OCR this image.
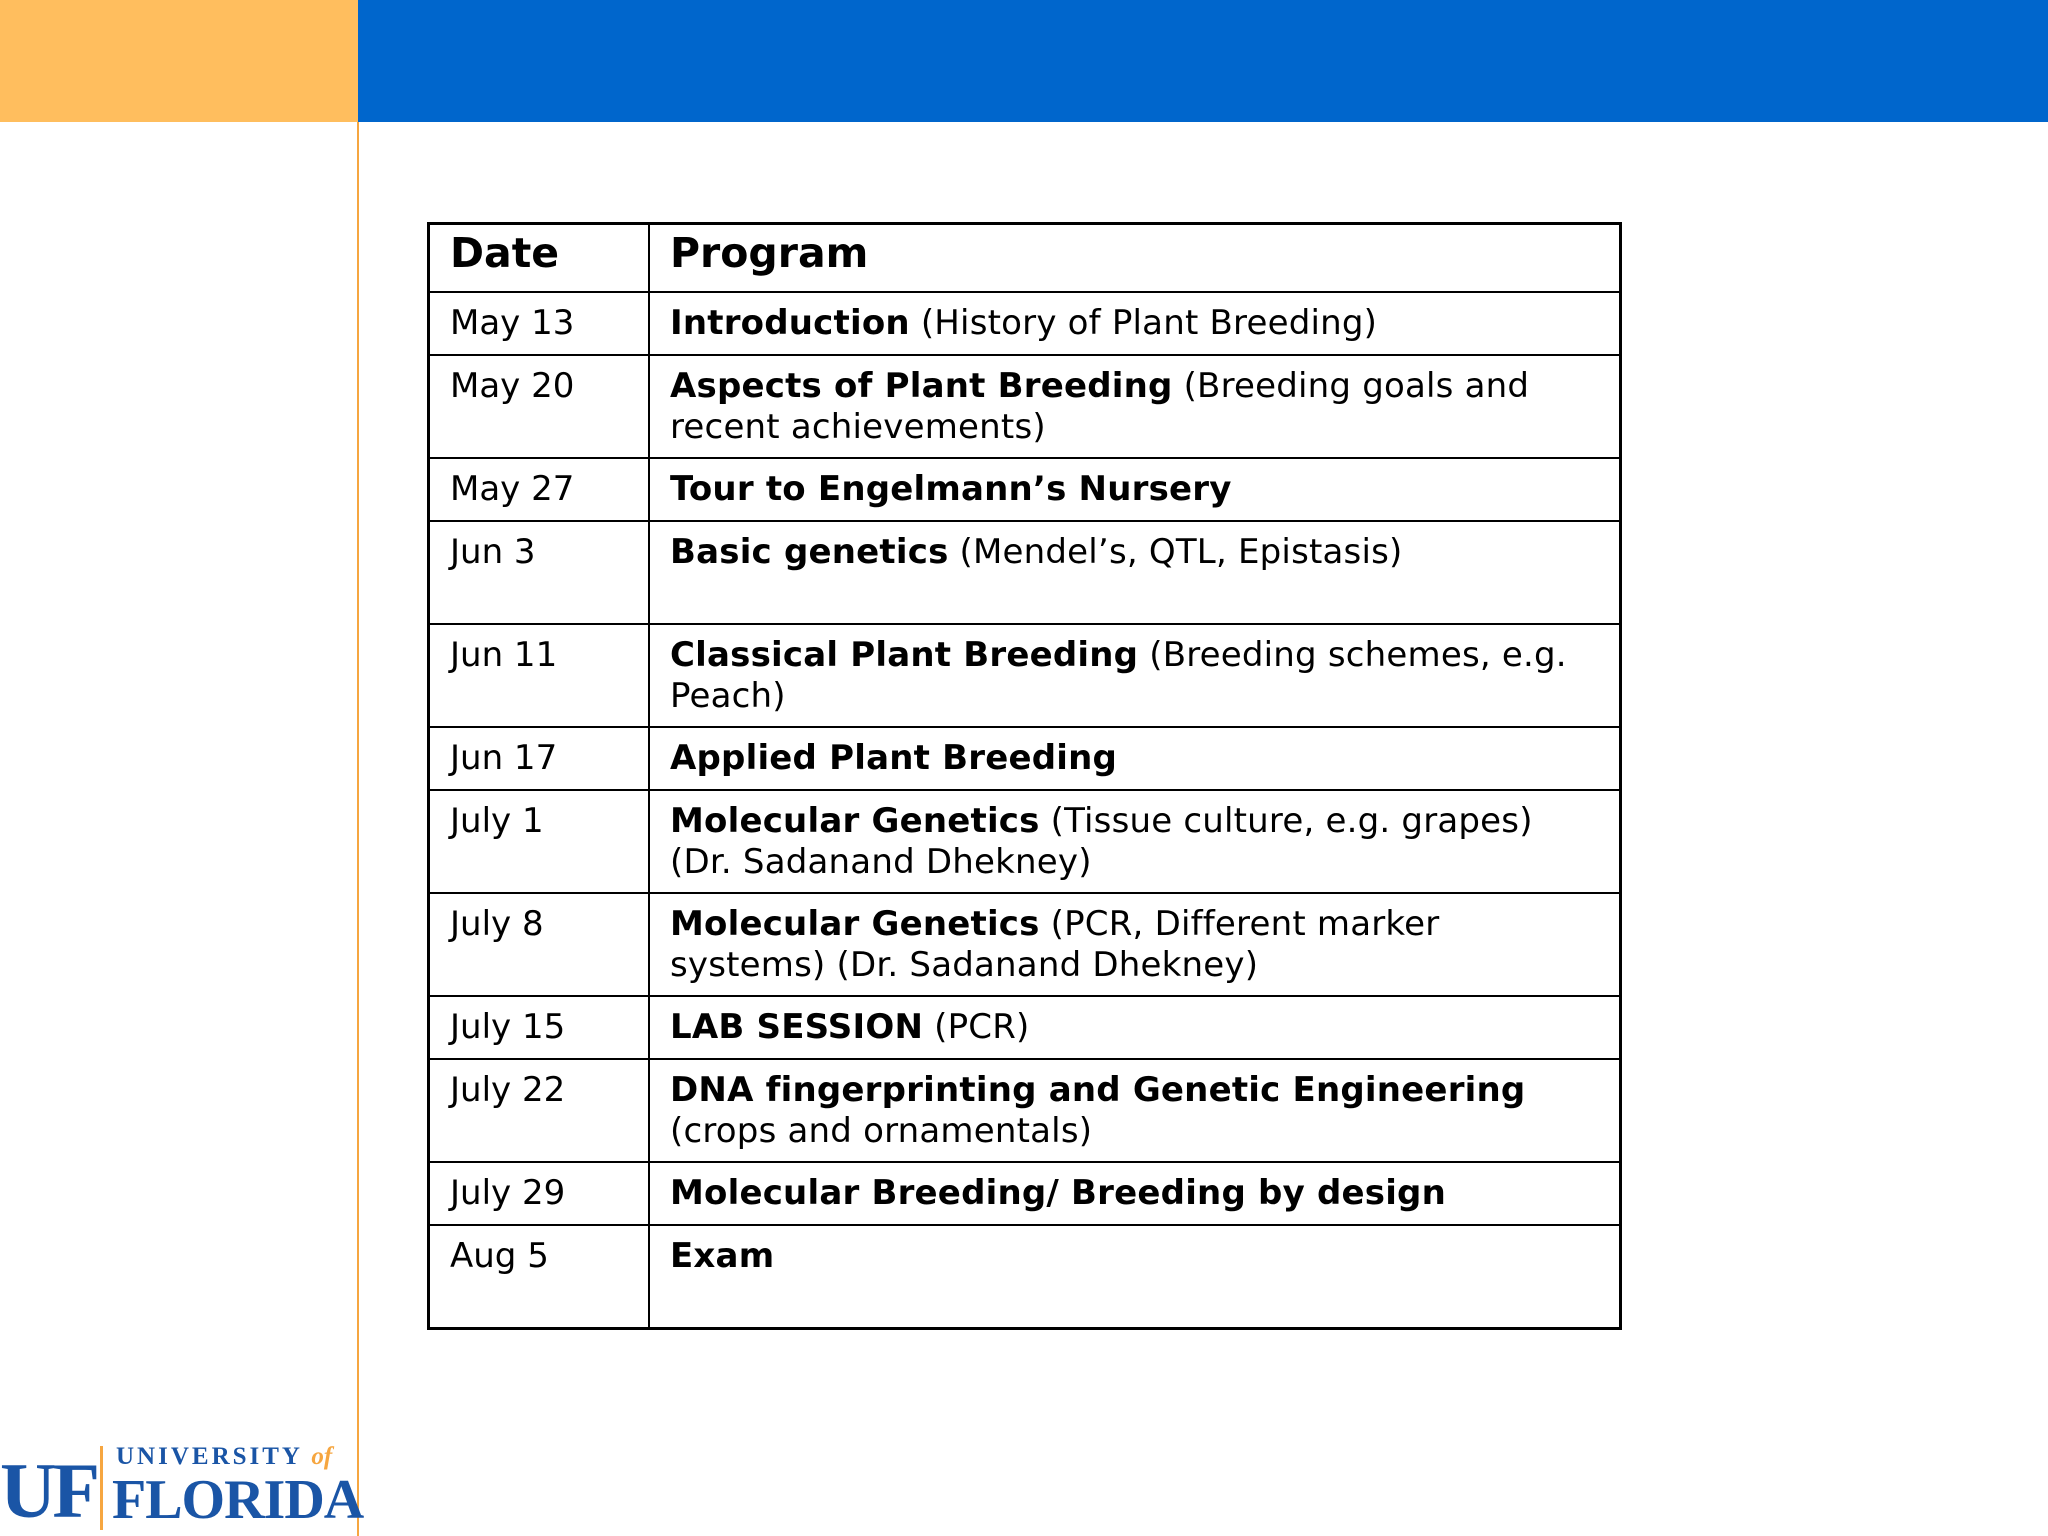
Date	Program
May 13	Introduction (History of Plant Breeding)
May 20	Aspects of Plant Breeding (Breeding goals and recent achievements)
May 27	Tour to Engelmann’s Nursery
Jun 3	Basic genetics (Mendel’s, QTL, Epistasis)
Jun 11	Classical Plant Breeding (Breeding schemes, e.g. Peach)
Jun 17	Applied Plant Breeding
July 1	Molecular Genetics (Tissue culture, e.g. grapes) (Dr. Sadanand Dhekney)
July 8	Molecular Genetics (PCR, Different marker systems) (Dr. Sadanand Dhekney)
July 15	LAB SESSION (PCR)
July 22	DNA fingerprinting and Genetic Engineering (crops and ornamentals)
July 29	Molecular Breeding/ Breeding by design
Aug 5	Exam
UF UNIVERSITY of
FLORIDA
